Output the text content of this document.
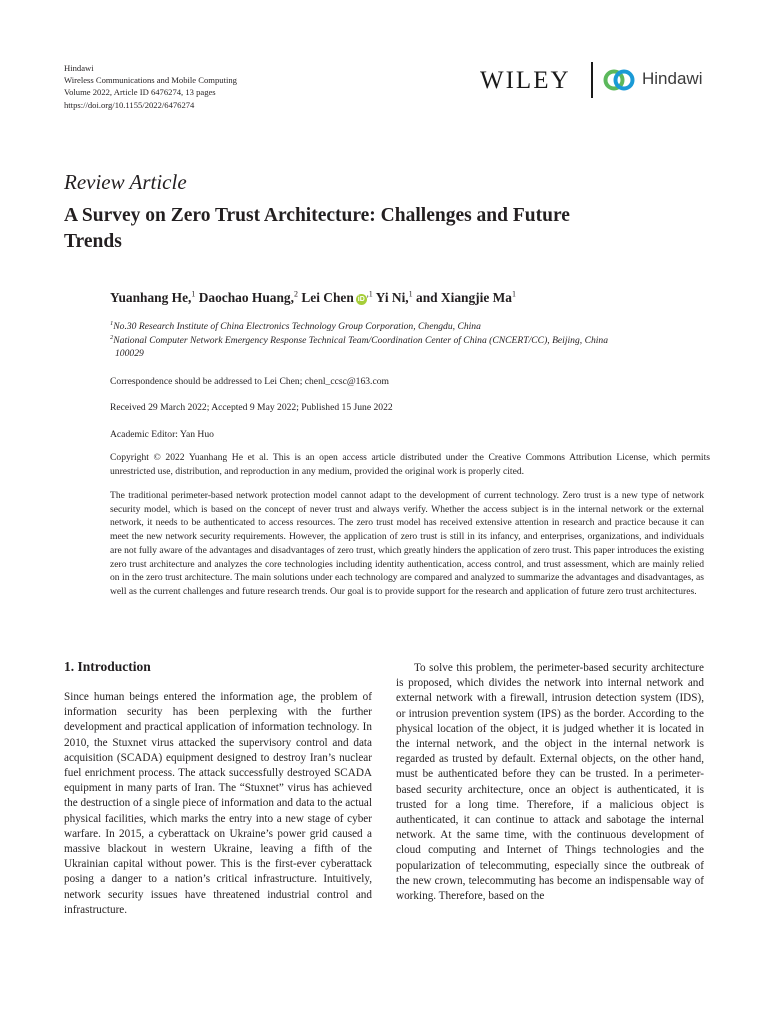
Hindawi
Wireless Communications and Mobile Computing
Volume 2022, Article ID 6476274, 13 pages
https://doi.org/10.1155/2022/6476274
WILEY	Hindawi
Review Article
A Survey on Zero Trust Architecture: Challenges and Future Trends
Yuanhang He,$^1$ Daochao Huang,$^2$ Lei Chen $iD^{,1}$ Yi Ni,$^1$ and Xiangjie Ma$^1$
$^1$No.30 Research Institute of China Electronics Technology Group Corporation, Chengdu, China
$^2$National Computer Network Emergency Response Technical Team/Coordination Center of China (CNCERT/CC), Beijing, China
100029
Correspondence should be addressed to Lei Chen; chenl_ccsc@163.com
Received 29 March 2022; Accepted 9 May 2022; Published 15 June 2022
Academic Editor: Yan Huo
Copyright © 2022 Yuanhang He et al. This is an open access article distributed under the Creative Commons Attribution License, which permits unrestricted use, distribution, and reproduction in any medium, provided the original work is properly cited.
The traditional perimeter-based network protection model cannot adapt to the development of current technology. Zero trust is a new type of network security model, which is based on the concept of never trust and always verify. Whether the access subject is in the internal network or the external network, it needs to be authenticated to access resources. The zero trust model has received extensive attention in research and practice because it can meet the new network security requirements. However, the application of zero trust is still in its infancy, and enterprises, organizations, and individuals are not fully aware of the advantages and disadvantages of zero trust, which greatly hinders the application of zero trust. This paper introduces the existing zero trust architecture and analyzes the core technologies including identity authentication, access control, and trust assessment, which are mainly relied on in the zero trust architecture. The main solutions under each technology are compared and analyzed to summarize the advantages and disadvantages, as well as the current challenges and future research trends. Our goal is to provide support for the research and application of future zero trust architectures.
1. Introduction
Since human beings entered the information age, the problem of information security has been perplexing with the further development and practical application of information technology. In 2010, the Stuxnet virus attacked the supervisory control and data acquisition (SCADA) equipment designed to destroy Iran’s nuclear fuel enrichment process. The attack successfully destroyed SCADA equipment in many parts of Iran. The “Stuxnet” virus has achieved the destruction of a single piece of information and data to the actual physical facilities, which marks the entry into a new stage of cyber warfare. In 2015, a cyberattack on Ukraine’s power grid caused a massive blackout in western Ukraine, leaving a fifth of the Ukrainian capital without power. This is the first-ever cyberattack posing a danger to a nation’s critical infrastructure. Intuitively, network security issues have threatened industrial control and infrastructure.
To solve this problem, the perimeter-based security architecture is proposed, which divides the network into internal network and external network with a firewall, intrusion detection system (IDS), or intrusion prevention system (IPS) as the border. According to the physical location of the object, it is judged whether it is located in the internal network, and the object in the internal network is regarded as trusted by default. External objects, on the other hand, must be authenticated before they can be trusted. In a perimeter-based security architecture, once an object is authenticated, it is trusted for a long time. Therefore, if a malicious object is authenticated, it can continue to attack and sabotage the internal network. At the same time, with the continuous development of cloud computing and Internet of Things technologies and the popularization of telecommuting, especially since the outbreak of the new crown, telecommuting has become an indispensable way of working. Therefore, based on the
